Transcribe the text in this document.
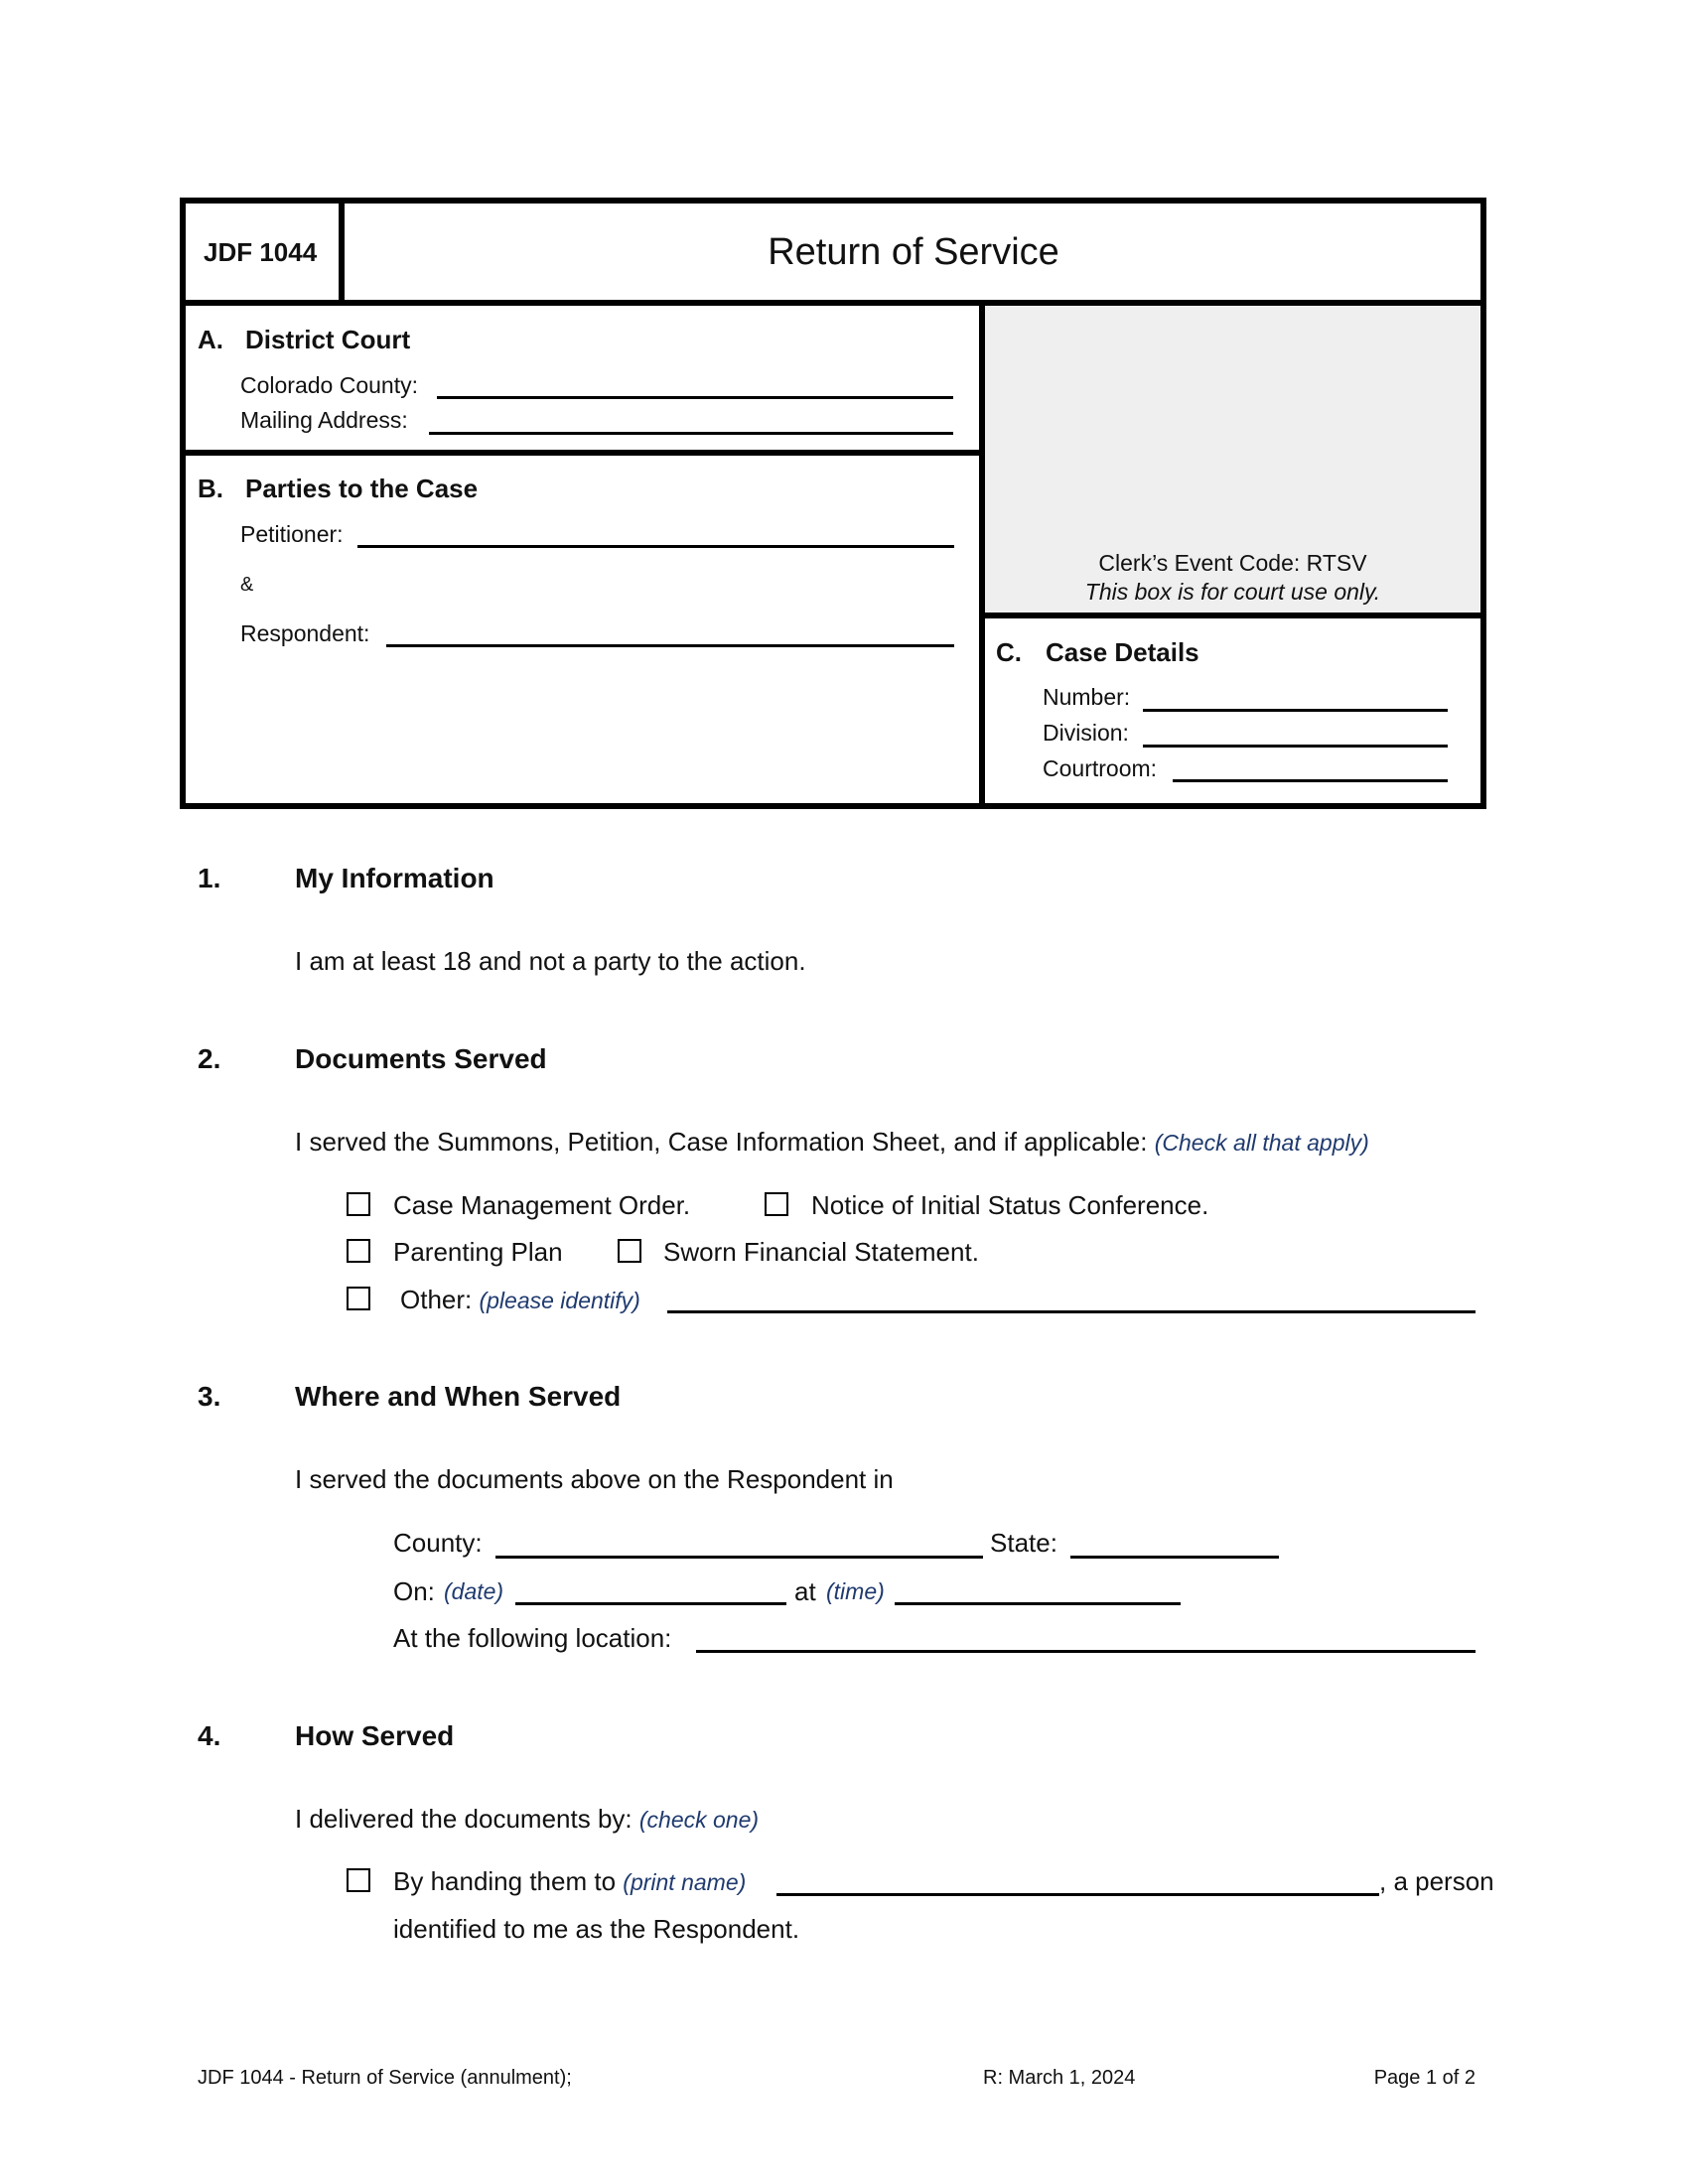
JDF 1044	Return of Service
A. District Court
Colorado County:
Mailing Address:
B. Parties to the Case
Petitioner:
&
Respondent:
Clerk’s Event Code: RTSV
This box is for court use only.
C. Case Details
Number:
Division:
Courtroom:
1.	My Information
I am at least 18 and not a party to the action.
2.	Documents Served
I served the Summons, Petition, Case Information Sheet, and if applicable: (Check all that apply)
Case Management Order.	Notice of Initial Status Conference.
Parenting Plan	Sworn Financial Statement.
Other: (please identify)
3.	Where and When Served
I served the documents above on the Respondent in
County:	State:
On: (date)	at (time)
At the following location:
4.	How Served
I delivered the documents by: (check one)
By handing them to (print name)	, a person
identified to me as the Respondent.
JDF 1044 - Return of Service (annulment);	R: March 1, 2024	Page 1 of 2
